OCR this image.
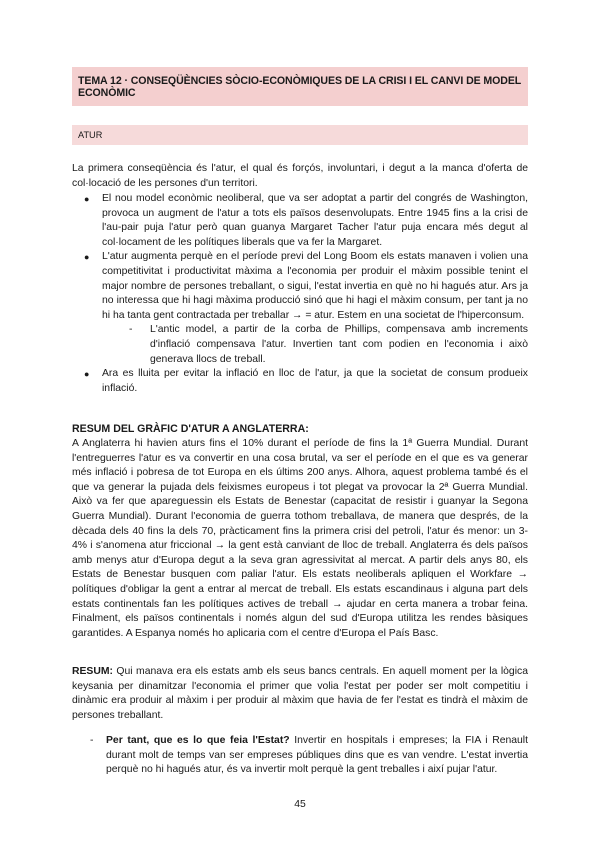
TEMA 12 · CONSEQÜÈNCIES SÒCIO-ECONÒMIQUES DE LA CRISI I EL CANVI DE MODEL ECONÒMIC
ATUR
La primera conseqüència és l'atur, el qual és forçós, involuntari, i degut a la manca d'oferta de col·locació de les persones d'un territori.
● El nou model econòmic neoliberal, que va ser adoptat a partir del congrés de Washington, provoca un augment de l'atur a tots els països desenvolupats. Entre 1945 fins a la crisi de l'au-pair puja l'atur però quan guanya Margaret Tacher l'atur puja encara més degut al col·locament de les polítiques liberals que va fer la Margaret.
● L'atur augmenta perquè en el període previ del Long Boom els estats manaven i volien una competitivitat i productivitat màxima a l'economia per produir el màxim possible tenint el major nombre de persones treballant, o sigui, l'estat invertia en què no hi hagués atur. Ars ja no interessa que hi hagi màxima producció sinó que hi hagi el màxim consum, per tant ja no hi ha tanta gent contractada per treballar → = atur. Estem en una societat de l'hiperconsum.
- L'antic model, a partir de la corba de Phillips, compensava amb increments d'inflació compensava l'atur. Invertien tant com podien en l'economia i això generava llocs de treball.
● Ara es lluita per evitar la inflació en lloc de l'atur, ja que la societat de consum produeix inflació.
RESUM DEL GRÀFIC D'ATUR A ANGLATERRA:
A Anglaterra hi havien aturs fins el 10% durant el període de fins la 1ª Guerra Mundial. Durant l'entreguerres l'atur es va convertir en una cosa brutal, va ser el període en el que es va generar més inflació i pobresa de tot Europa en els últims 200 anys. Alhora, aquest problema també és el que va generar la pujada dels feixismes europeus i tot plegat va provocar la 2ª Guerra Mundial. Això va fer que apareguessin els Estats de Benestar (capacitat de resistir i guanyar la Segona Guerra Mundial). Durant l'economia de guerra tothom treballava, de manera que després, de la dècada dels 40 fins la dels 70, pràcticament fins la primera crisi del petroli, l'atur és menor: un 3-4% i s'anomena atur friccional → la gent està canviant de lloc de treball. Anglaterra és dels països amb menys atur d'Europa degut a la seva gran agressivitat al mercat. A partir dels anys 80, els Estats de Benestar busquen com paliar l'atur. Els estats neoliberals apliquen el Workfare → polítiques d'obligar la gent a entrar al mercat de treball. Els estats escandinaus i alguna part dels estats continentals fan les polítiques actives de treball → ajudar en certa manera a trobar feina. Finalment, els països continentals i només algun del sud d'Europa utilitza les rendes bàsiques garantides. A Espanya només ho aplicaria com el centre d'Europa el País Basc.
RESUM: Qui manava era els estats amb els seus bancs centrals. En aquell moment per la lògica keysania per dinamitzar l'economia el primer que volia l'estat per poder ser molt competitiu i dinàmic era produir al màxim i per produir al màxim que havia de fer l'estat es tindrà el màxim de persones treballant.
-	Per tant, que es lo que feia l'Estat? Invertir en hospitals i empreses; la FIA i Renault durant molt de temps van ser empreses públiques dins que es van vendre. L'estat invertia perquè no hi hagués atur, és va invertir molt perquè la gent treballes i així pujar l'atur.
45
